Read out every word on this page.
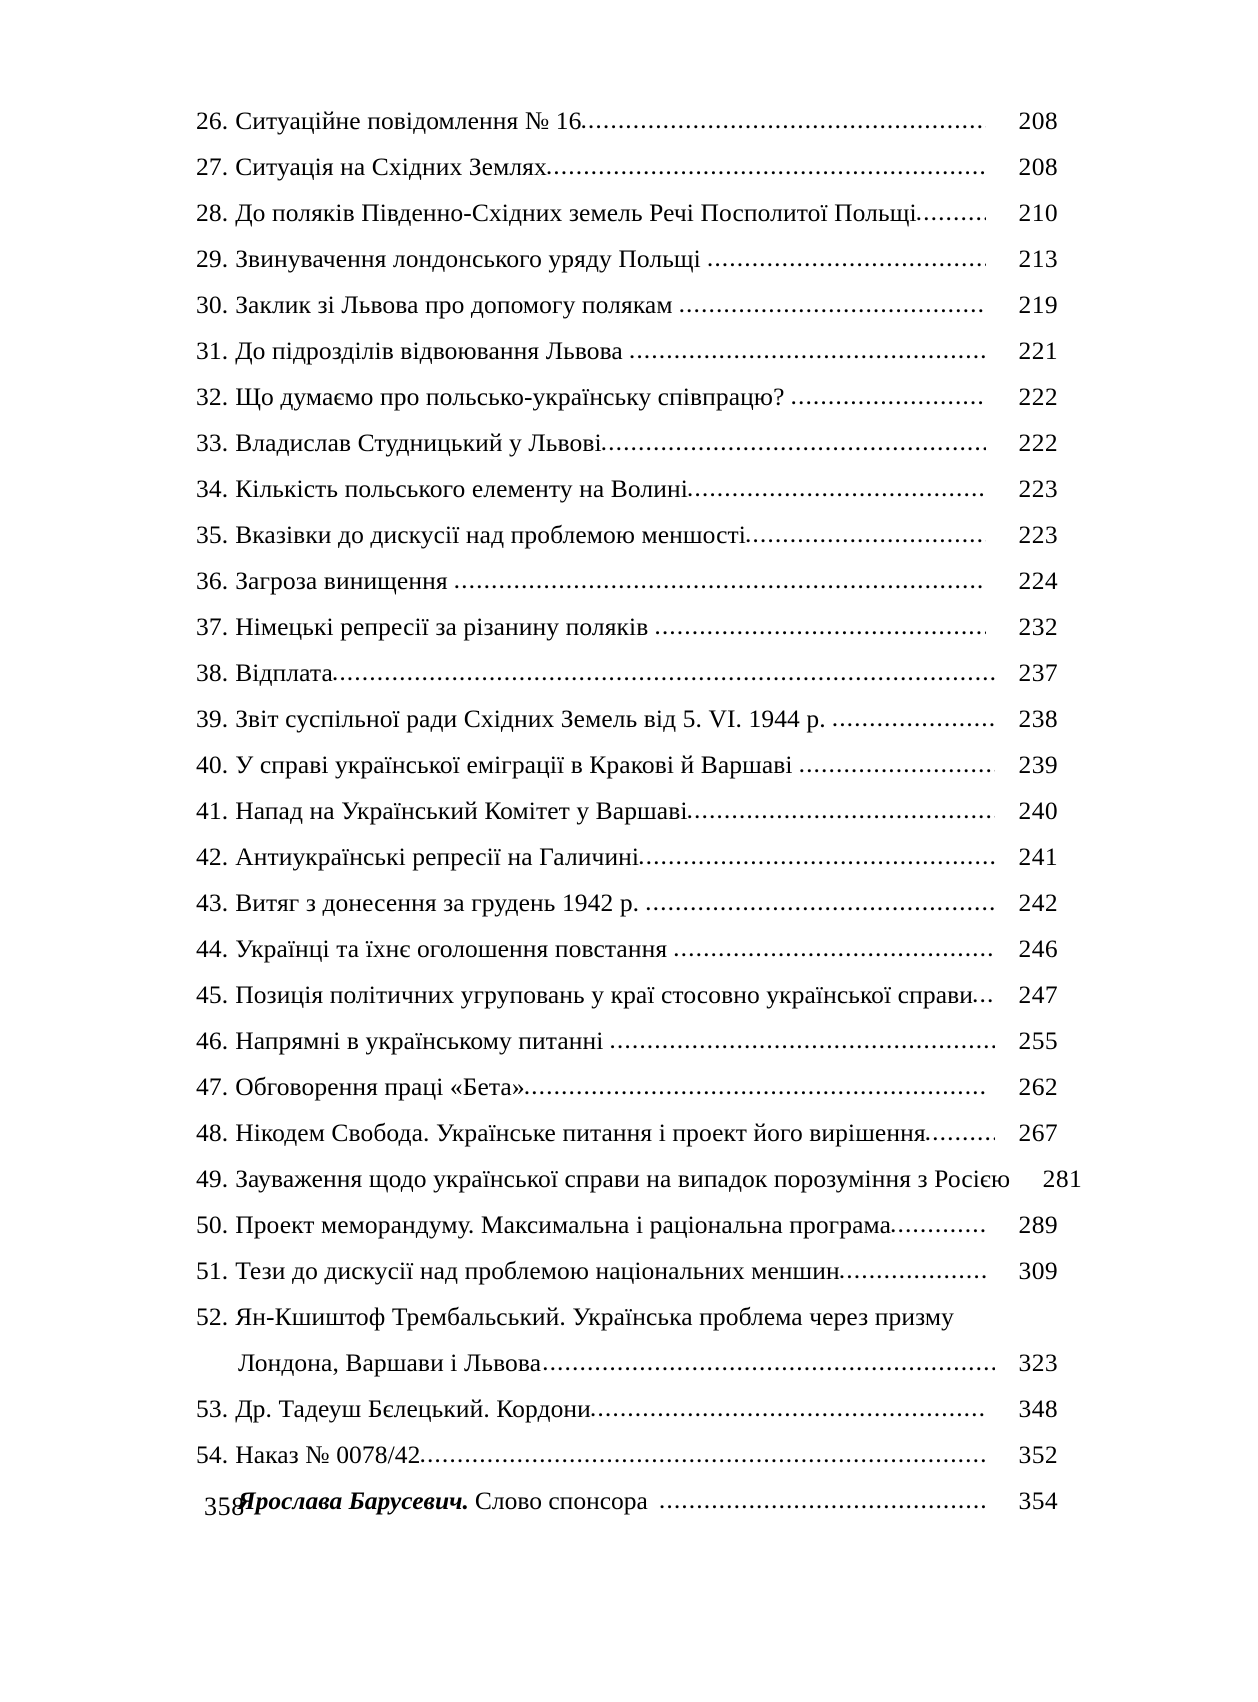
26. Ситуаційне повідомлення № 16 .....	208
27. Ситуація на Східних Землях .....	208
28. До поляків Південно-Східних земель Речі Посполитої Польщі .....	210
29. Звинувачення лондонського уряду Польщі .....	213
30. Заклик зі Львова про допомогу полякам .....	219
31. До підрозділів відвоювання Львова .....	221
32. Що думаємо про польсько-українську співпрацю? .....	222
33. Владислав Студницький у Львові .....	222
34. Кількість польського елементу на Волині .....	223
35. Вказівки до дискусії над проблемою меншості .....	223
36. Загроза винищення .....	224
37. Німецькі репресії за різанину поляків .....	232
38. Відплата .....	237
39. Звіт суспільної ради Східних Земель від 5. VI. 1944 р. .....	238
40. У справі української еміграції в Кракові й Варшаві .....	239
41. Напад на Український Комітет у Варшаві .....	240
42. Антиукраїнські репресії на Галичині .....	241
43. Витяг з донесення за грудень 1942 р. .....	242
44. Українці та їхнє оголошення повстання .....	246
45. Позиція політичних угруповань у краї стосовно української справи .....	247
46. Напрямні в українському питанні .....	255
47. Обговорення праці «Бета» .....	262
48. Нікодем Свобода. Українське питання і проект його вирішення .....	267
49. Зауваження щодо української справи на випадок порозуміння з Росією	281
50. Проект меморандуму. Максимальна і раціональна програма .....	289
51. Тези до дискусії над проблемою національних меншин .....	309
52. Ян-Кшиштоф Трембальський. Українська проблема через призму
Лондона, Варшави і Львова .....	323
53. Др. Тадеуш Бєлецький. Кордони .....	348
54. Наказ № 0078/42 .....	352
Ярослава Барусевич. Слово спонсора .....	354
358
